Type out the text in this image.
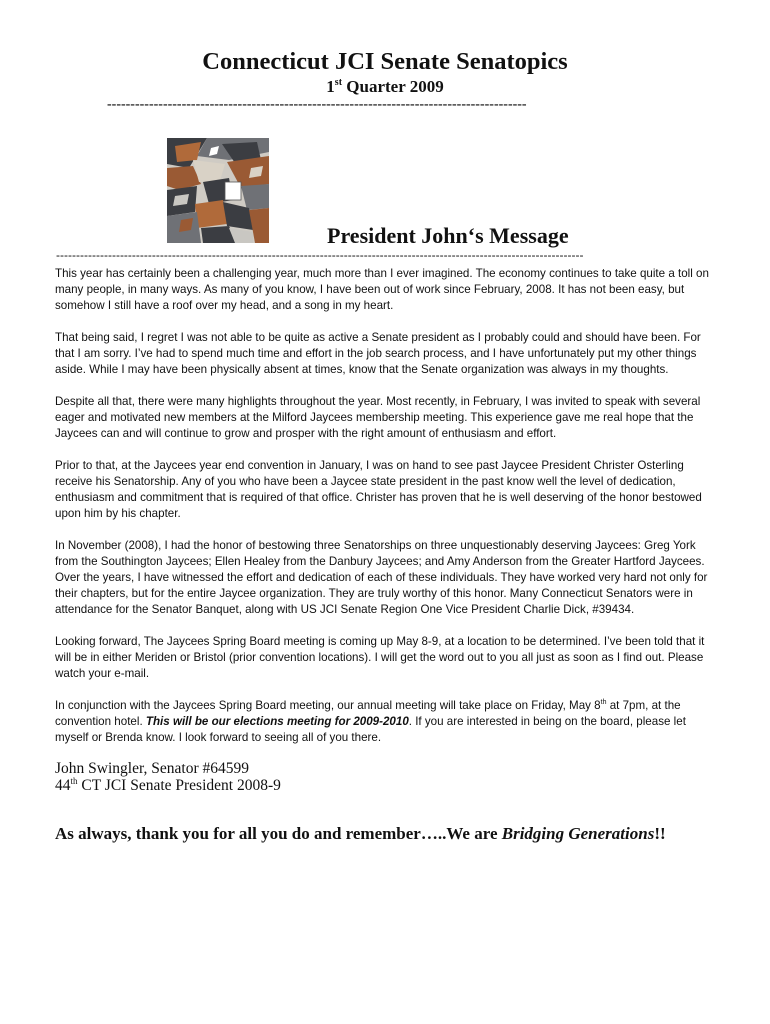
Connecticut JCI Senate Senatopics
1st Quarter 2009
------------------------------------------------------------------------------------------
President John‘s Message
------------------------------------------------------------------------------------------------------------------------------------

This year has certainly been a challenging year, much more than I ever imagined. The economy continues to take quite a toll on many people, in many ways. As many of you know, I have been out of work since February, 2008. It has not been easy, but somehow I still have a roof over my head, and a song in my heart.

That being said, I regret I was not able to be quite as active a Senate president as I probably could and should have been. For that I am sorry. I’ve had to spend much time and effort in the job search process, and I have unfortunately put my other things aside. While I may have been physically absent at times, know that the Senate organization was always in my thoughts.

Despite all that, there were many highlights throughout the year. Most recently, in February, I was invited to speak with several eager and motivated new members at the Milford Jaycees membership meeting. This experience gave me real hope that the Jaycees can and will continue to grow and prosper with the right amount of enthusiasm and effort.

Prior to that, at the Jaycees year end convention in January, I was on hand to see past Jaycee President Christer Osterling receive his Senatorship. Any of you who have been a Jaycee state president in the past know well the level of dedication, enthusiasm and commitment that is required of that office. Christer has proven that he is well deserving of the honor bestowed upon him by his chapter.

In November (2008), I had the honor of bestowing three Senatorships on three unquestionably deserving Jaycees: Greg York from the Southington Jaycees; Ellen Healey from the Danbury Jaycees; and Amy Anderson from the Greater Hartford Jaycees. Over the years, I have witnessed the effort and dedication of each of these individuals. They have worked very hard not only for their chapters, but for the entire Jaycee organization. They are truly worthy of this honor. Many Connecticut Senators were in attendance for the Senator Banquet, along with US JCI Senate Region One Vice President Charlie Dick, #39434.

Looking forward, The Jaycees Spring Board meeting is coming up May 8-9, at a location to be determined. I’ve been told that it will be in either Meriden or Bristol (prior convention locations). I will get the word out to you all just as soon as I find out. Please watch your e-mail.

In conjunction with the Jaycees Spring Board meeting, our annual meeting will take place on Friday, May 8th at 7pm, at the convention hotel. This will be our elections meeting for 2009-2010. If you are interested in being on the board, please let myself or Brenda know. I look forward to seeing all of you there.

John Swingler, Senator #64599
44th CT JCI Senate President 2008-9
As always, thank you for all you do and remember…..We are Bridging Generations!!
